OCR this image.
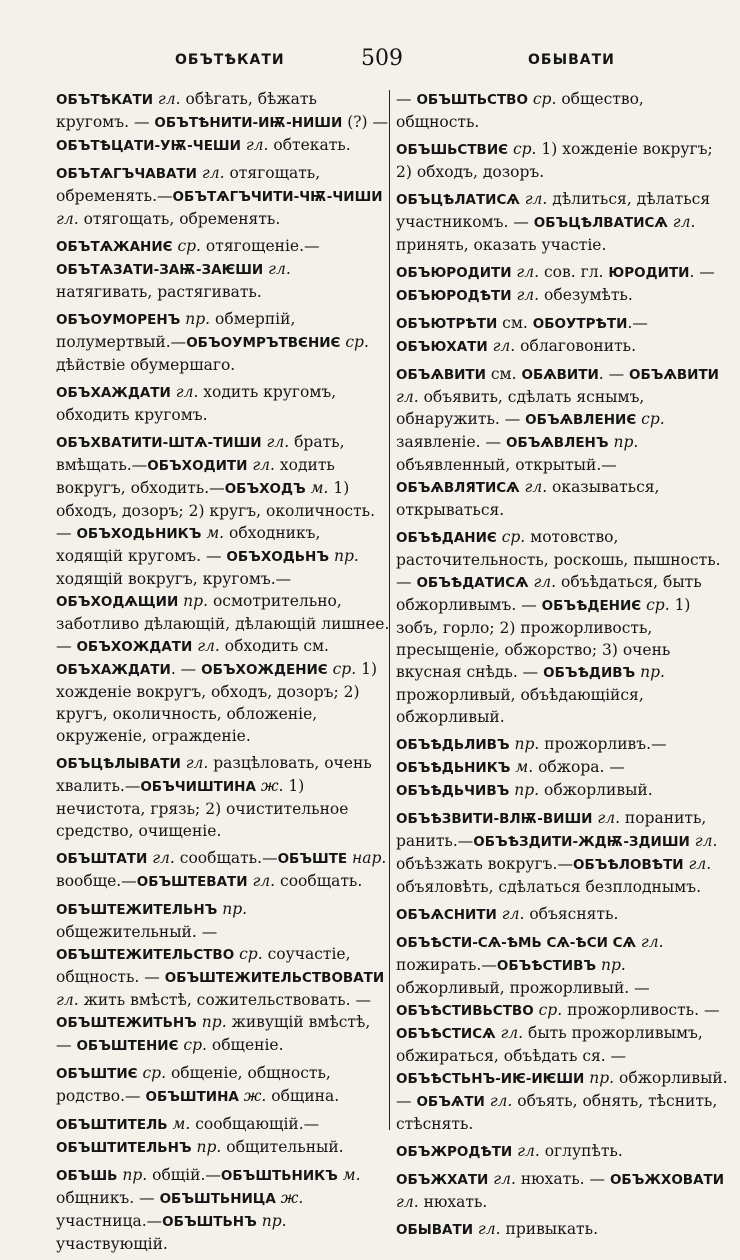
ОБЪТѢКАТИ	509	ОБЫВАТИ

ОБЪТѢКАТИ гл. обѣгать, бѣжать кругомъ. — ОБЪТѢНИТИ-ИѬ-НИШИ (?) — ОБЪТѢЦАТИ-УѬ-ЧЕШИ гл. обтекать.

ОБЪТѦГЪЧАВАТИ гл. отягощать, обременять.—ОБЪТѦГЪЧИТИ-ЧѬ-ЧИШИ гл. отягощать, обременять.

ОБЪТѦЖАНИЄ ср. отягощеніе.—ОБЪТѦЗАТИ-ЗАѬ-ЗАѤШИ гл. натягивать, растягивать.

ОБЪОУМОРЕНЪ пр. обмерпій, полумертвый.—ОБЪОУМРЪТВЄНИЄ ср. дѣйствіе обумершаго.

ОБЪХАЖДАТИ гл. ходить кругомъ, обходить кругомъ.

ОБЪХВАТИТИ-ШТѦ-ТИШИ гл. брать, вмѣщать.—ОБЪХОДИТИ гл. ходить вокругъ, обходить.—ОБЪХОДЪ м. 1) обходъ, дозоръ; 2) кругъ, околичность. — ОБЪХОДЬНИКЪ м. обходникъ, ходящій кругомъ. — ОБЪХОДЬНЪ пр. ходящій вокругъ, кругомъ.—ОБЪХОДѦЩИИ пр. осмотрительно, заботливо дѣлающій, дѣлающій лишнее. — ОБЪХОЖДАТИ гл. обходить см. ОБЪХАЖДАТИ. — ОБЪХОЖДЕНИЄ ср. 1) хожденіе вокругъ, обходъ, дозоръ; 2) кругъ, околичность, обложеніе, окруженіе, огражденіе.

ОБЪЦѢЛЫВАТИ гл. разцѣловать, очень хвалить.—ОБЪЧИШТИНА ж. 1) нечистота, грязь; 2) очистительное средство, очищеніе.

ОБЪШТАТИ гл. сообщать.—ОБЪШТЕ нар. вообще.—ОБЪШТЕВАТИ гл. сообщать.

ОБЪШТЕЖИТЕЛЬНЪ пр. общежительный. — ОБЪШТЕЖИТЕЛЬСТВО ср. соучастіе, общность. — ОБЪШТЕЖИТЕЛЬСТВОВАТИ гл. жить вмѣстѣ, сожительствовать. — ОБЪШТЕЖИТЬНЪ пр. живущій вмѣстѣ, — ОБЪШТЕНИЄ ср. общеніе.

ОБЪШТИЄ ср. общеніе, общность, родство.— ОБЪШТИНА ж. община.

ОБЪШТИТЕЛЬ м. сообщающій.—ОБЪШТИТЕЛЬНЪ пр. общительный.

ОБЪШЬ пр. общій.—ОБЪШТЬНИКЪ м. общникъ. — ОБЪШТЬНИЦА ж. участница.—ОБЪШТЬНЪ пр. участвующій.

— ОБЪШТЬСТВО ср. общество, общность.

ОБЪШЬСТВИЄ ср. 1) хожденіе вокругъ; 2) обходъ, дозоръ.

ОБЪЦѢЛАТИСѦ гл. дѣлиться, дѣлаться участникомъ. — ОБЪЦѢЛВАТИСѦ гл. принять, оказать участіе.

ОБЪЮРОДИТИ гл. сов. гл. ЮРОДИТИ. — ОБЪЮРОДѢТИ гл. обезумѣть.

ОБЪЮТРѢТИ см. ОБОУТРѢТИ.—ОБЪЮХАТИ гл. облаговонить.

ОБЪѦВИТИ см. ОБѦВИТИ. — ОБЪѦВИТИ гл. объявить, сдѣлать яснымъ, обнаружить. — ОБЪѦВЛЕНИЄ ср. заявленіе. — ОБЪѦВЛЕНЪ пр. объявленный, открытый.—ОБЪѦВЛЯТИСѦ гл. оказываться, открываться.

ОБЪѢДАНИЄ ср. мотовство, расточительность, роскошь, пышность. — ОБЪѢДАТИСѦ гл. объѣдаться, быть обжорливымъ. — ОБЪѢДЕНИЄ ср. 1) зобъ, горло; 2) прожорливость, пресыщеніе, обжорство; 3) очень вкусная снѣдь. — ОБЪѢДИВЪ пр. прожорливый, объѣдающійся, обжорливый.

ОБЪѢДЬЛИВЪ пр. прожорливъ.—ОБЪѢДЬНИКЪ м. обжора. — ОБЪѢДЬЧИВЪ пр. обжорливый.

ОБЪѢЗВИТИ-ВЛѬ-ВИШИ гл. поранить, ранить.—ОБЪѢЗДИТИ-ЖДѬ-ЗДИШИ гл. объѣзжать вокругъ.—ОБЪѢЛОВѢТИ гл. объяловѣть, сдѣлаться безплоднымъ.

ОБЪѦСНИТИ гл. объяснять.

ОБЪѢСТИ-СѦ-ѢМЬ СѦ-ѢСИ СѦ гл. пожирать.—ОБЪѢСТИВЪ пр. обжорливый, прожорливый. — ОБЪѢСТИВЬСТВО ср. прожорливость. — ОБЪѢСТИСѦ гл. быть прожорливымъ, обжираться, объѣдать ся. — ОБЪѢСТЬНЪ-ИѤ-ИѤШИ пр. обжорливый. — ОБЪѦТИ гл. объять, обнять, тѣснить, стѣснять.

ОБЪЖРОДѢТИ гл. оглупѣть.

ОБЪЖХАТИ гл. нюхать. — ОБЪЖХОВАТИ гл. нюхать.

ОБЫВАТИ гл. привыкать.
